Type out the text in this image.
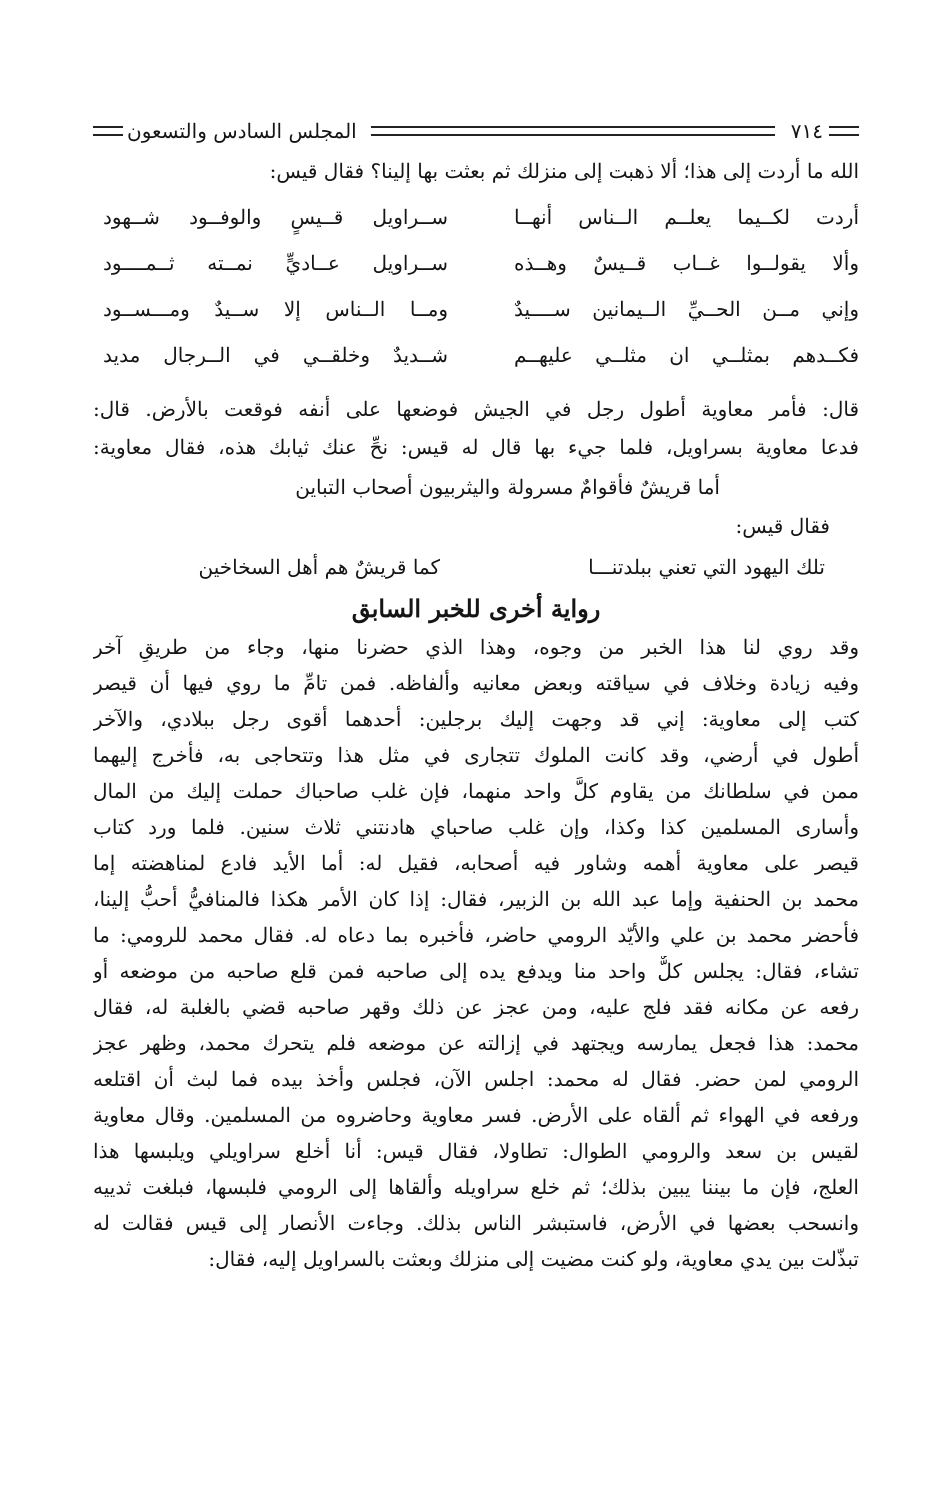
٧١٤
المجلس السادس والتسعون
الله ما أردت إلى هذا؛ ألا ذهبت إلى منزلك ثم بعثت بها إلينا؟ فقال قيس:
أردت لكــيما يعلــم الــناس أنهــا
ســراويل قــيسٍ والوفــود شــهود
وألا يقولــوا غــاب قــيسٌ وهــذه
ســراويل عــاديٍّ نمــته ثــمــــود
وإني مــن الحــيِّ الــيمانين ســــيدٌ
ومــا الــناس إلا ســيدٌ ومـــســود
فكــدهم بمثلــي ان مثلــي عليهــم
شــديدٌ وخلقــي في الــرجال مديد
قال: فأمر معاوية أطول رجل في الجيش فوضعها على أنفه فوقعت بالأرض. قال:
فدعا معاوية بسراويل، فلما جيء بها قال له قيس: نحِّ عنك ثيابك هذه، فقال معاوية:
أما قريشٌ فأقوامٌ مسرولة
واليثربيون أصحاب التباين
فقال قيس:
تلك اليهود التي تعني ببلدتنـــا
كما قريشٌ هم أهل السخاخين
رواية أخرى للخبر السابق
وقد روي لنا هذا الخبر من وجوه، وهذا الذي حضرنا منها، وجاء من طريقٍ آخر
وفيه زيادة وخلاف في سياقته وبعض معانيه وألفاظه. فمن تامِّ ما روي فيها أن قيصر
كتب إلى معاوية: إني قد وجهت إليك برجلين: أحدهما أقوى رجل ببلادي، والآخر
أطول في أرضي، وقد كانت الملوك تتجارى في مثل هذا وتتحاجى به، فأخرج إليهما
ممن في سلطانك من يقاوم كلَّ واحد منهما، فإن غلب صاحباك حملت إليك من المال
وأسارى المسلمين كذا وكذا، وإن غلب صاحباي هادنتني ثلاث سنين. فلما ورد كتاب
قيصر على معاوية أهمه وشاور فيه أصحابه، فقيل له: أما الأيد فادع لمناهضته إما
محمد بن الحنفية وإما عبد الله بن الزبير، فقال: إذا كان الأمر هكذا فالمنافيُّ أحبُّ إلينا،
فأحضر محمد بن علي والأيّد الرومي حاضر، فأخبره بما دعاه له. فقال محمد للرومي: ما
تشاء، فقال: يجلس كلٌّ واحد منا ويدفع يده إلى صاحبه فمن قلع صاحبه من موضعه أو
رفعه عن مكانه فقد فلج عليه، ومن عجز عن ذلك وقهر صاحبه قضي بالغلبة له، فقال
محمد: هذا فجعل يمارسه ويجتهد في إزالته عن موضعه فلم يتحرك محمد، وظهر عجز
الرومي لمن حضر. فقال له محمد: اجلس الآن، فجلس وأخذ بيده فما لبث أن اقتلعه
ورفعه في الهواء ثم ألقاه على الأرض. فسر معاوية وحاضروه من المسلمين. وقال معاوية
لقيس بن سعد والرومي الطوال: تطاولا، فقال قيس: أنا أخلع سراويلي ويلبسها هذا
العلج، فإن ما بيننا يبين بذلك؛ ثم خلع سراويله وألقاها إلى الرومي فلبسها، فبلغت ثدييه
وانسحب بعضها في الأرض، فاستبشر الناس بذلك. وجاءت الأنصار إلى قيس فقالت له
تبذّلت بين يدي معاوية، ولو كنت مضيت إلى منزلك وبعثت بالسراويل إليه، فقال:
